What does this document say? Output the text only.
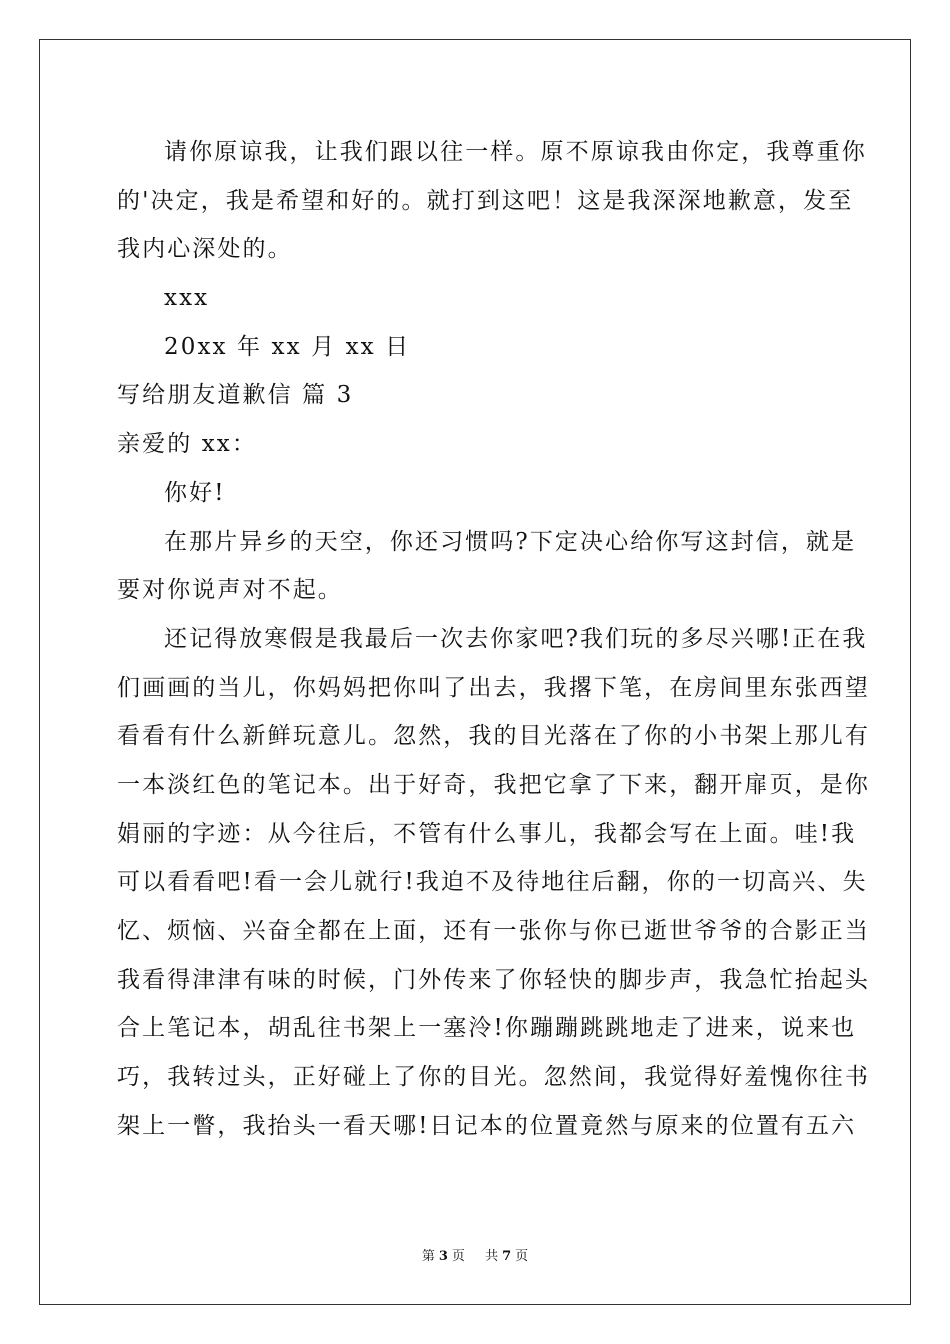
请你原谅我，让我们跟以往一样。原不原谅我由你定，我尊重你
的'决定，我是希望和好的。就打到这吧！这是我深深地歉意，发至
我内心深处的。
xxx
20xx 年 xx 月 xx 日
写给朋友道歉信 篇 3
亲爱的 xx：
你好!
在那片异乡的天空，你还习惯吗?下定决心给你写这封信，就是
要对你说声对不起。
还记得放寒假是我最后一次去你家吧?我们玩的多尽兴哪!正在我
们画画的当儿，你妈妈把你叫了出去，我撂下笔，在房间里东张西望
看看有什么新鲜玩意儿。忽然，我的目光落在了你的小书架上那儿有
一本淡红色的笔记本。出于好奇，我把它拿了下来，翻开扉页，是你
娟丽的字迹：从今往后，不管有什么事儿，我都会写在上面。哇!我
可以看看吧!看一会儿就行!我迫不及待地往后翻，你的一切高兴、失
忆、烦恼、兴奋全都在上面，还有一张你与你已逝世爷爷的合影正当
我看得津津有味的时候，门外传来了你轻快的脚步声，我急忙抬起头
合上笔记本，胡乱往书架上一塞泠!你蹦蹦跳跳地走了进来，说来也
巧，我转过头，正好碰上了你的目光。忽然间，我觉得好羞愧你往书
架上一瞥，我抬头一看天哪!日记本的位置竟然与原来的位置有五六
第 3 页 共 7 页
